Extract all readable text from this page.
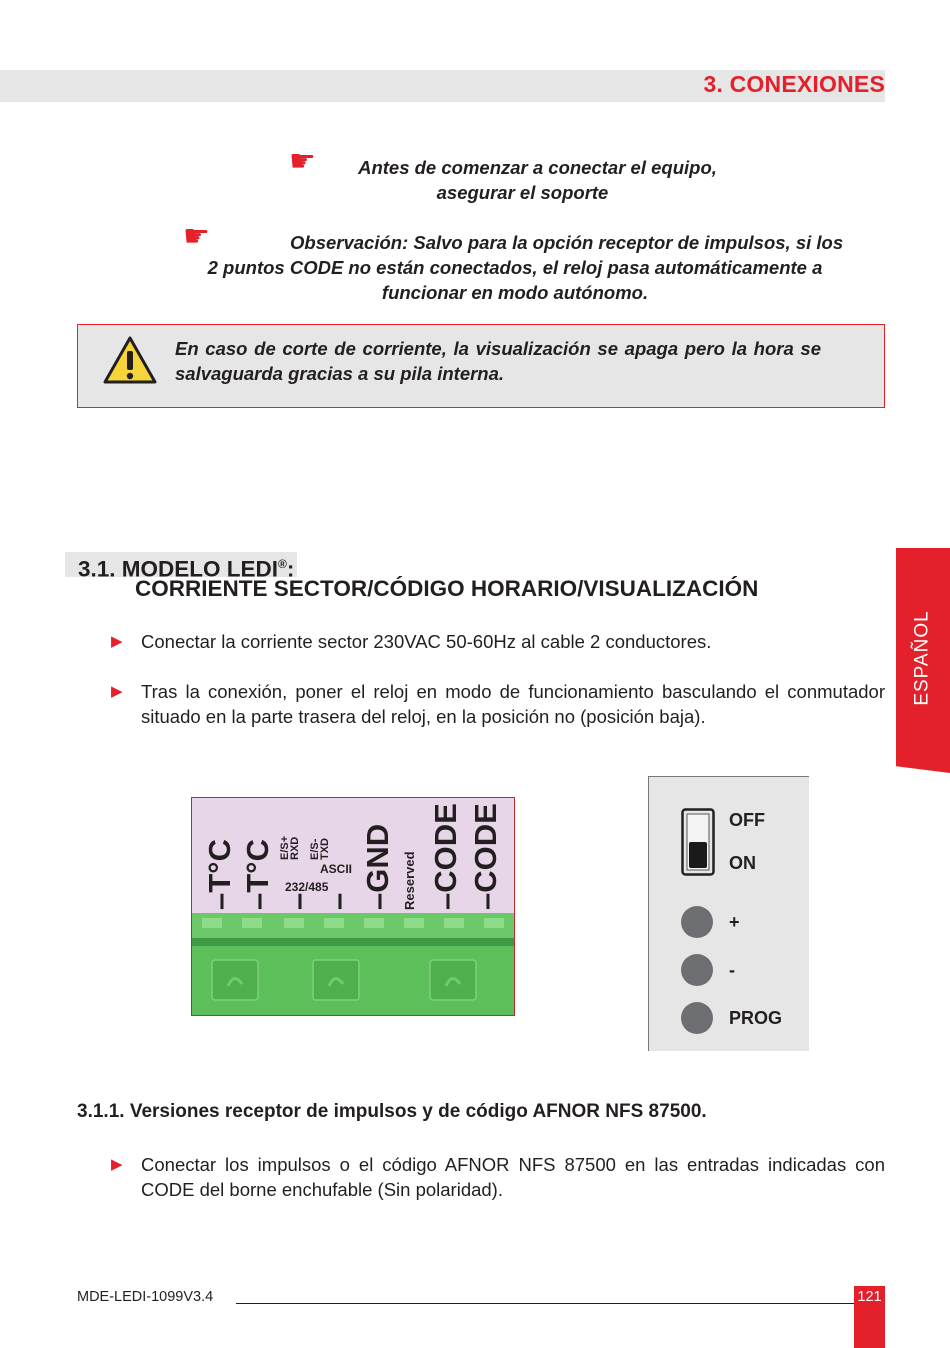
3. CONEXIONES
☛	Antes de comenzar a conectar el equipo,
asegurar el soporte
☛	Observación: Salvo para la opción receptor de impulsos, si los
2 puntos CODE no están conectados, el reloj pasa automáticamente a
funcionar en modo autónomo.
En caso de corte de corriente, la visualización se apaga pero la hora se salvaguarda gracias a su pila interna.
ESPAÑOL
3.1. MODELO LEDI®:
CORRIENTE SECTOR/CÓDIGO HORARIO/VISUALIZACIÓN
▶ Conectar la corriente sector 230VAC 50-60Hz al cable 2 conductores.
▶ Tras la conexión, poner el reloj en modo de funcionamiento basculando el conmutador situado en la parte trasera del reloj, en la posición no (posición baja).
–T°C –T°C –
E/S+
RXD
–
E/S-
TXD
ASCII
232/485 –GND Reserved –CODE –CODE	OFF
ON
+
-
PROG
3.1.1. Versiones receptor de impulsos y de código AFNOR NFS 87500.
▶ Conectar los impulsos o el código AFNOR NFS 87500 en las entradas indicadas con CODE del borne enchufable (Sin polaridad).
MDE-LEDI-1099V3.4	121
